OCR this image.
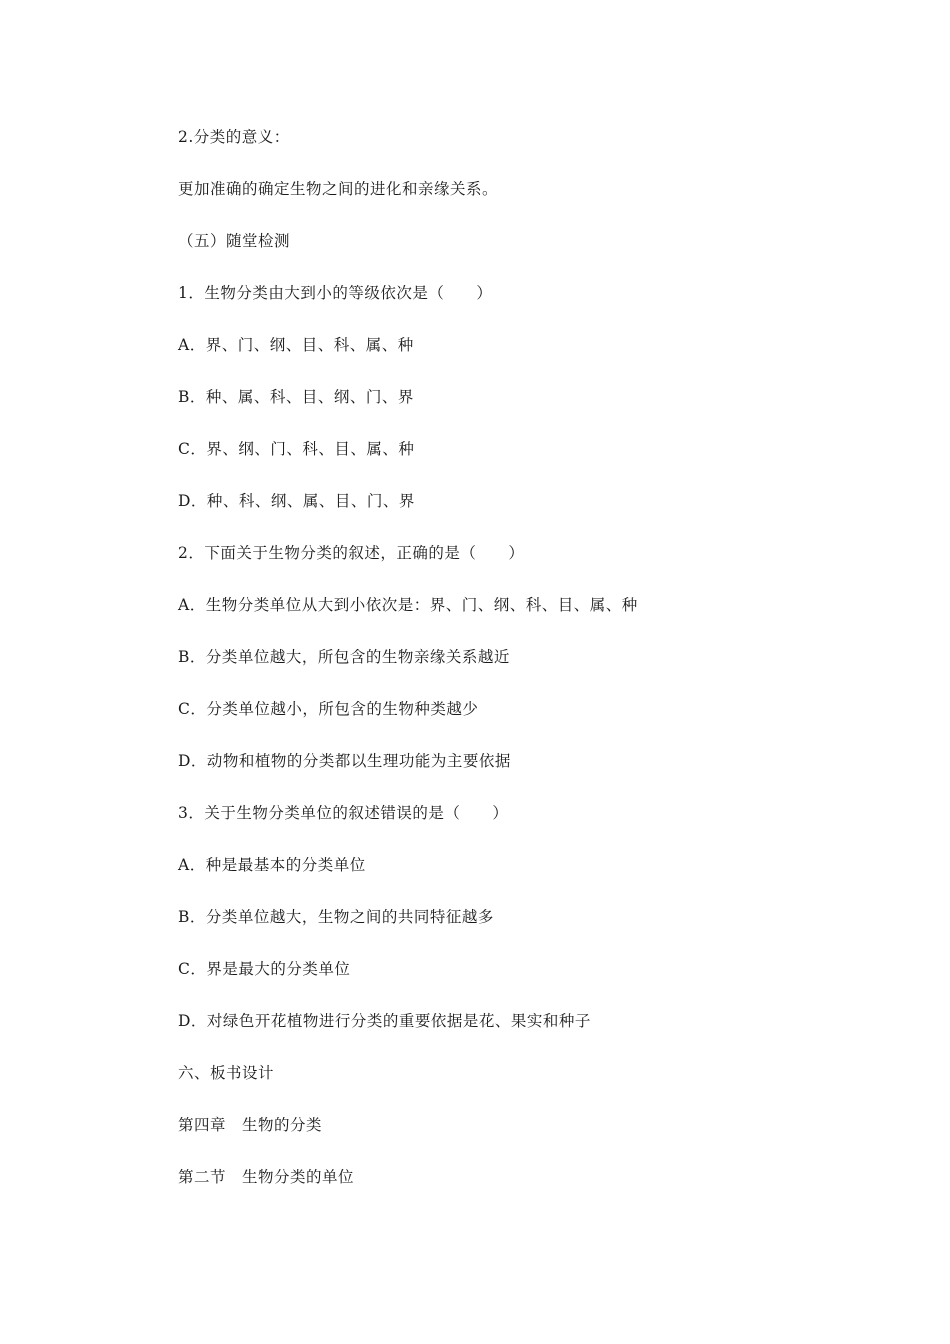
2.分类的意义：
更加准确的确定生物之间的进化和亲缘关系。
（五）随堂检测
1．生物分类由大到小的等级依次是（　　）
A．界、门、纲、目、科、属、种
B．种、属、科、目、纲、门、界
C．界、纲、门、科、目、属、种
D．种、科、纲、属、目、门、界
2．下面关于生物分类的叙述，正确的是（　　）
A．生物分类单位从大到小依次是：界、门、纲、科、目、属、种
B．分类单位越大，所包含的生物亲缘关系越近
C．分类单位越小，所包含的生物种类越少
D．动物和植物的分类都以生理功能为主要依据
3．关于生物分类单位的叙述错误的是（　　）
A．种是最基本的分类单位
B．分类单位越大，生物之间的共同特征越多
C．界是最大的分类单位
D．对绿色开花植物进行分类的重要依据是花、果实和种子
六、板书设计
第四章　生物的分类
第二节　生物分类的单位
